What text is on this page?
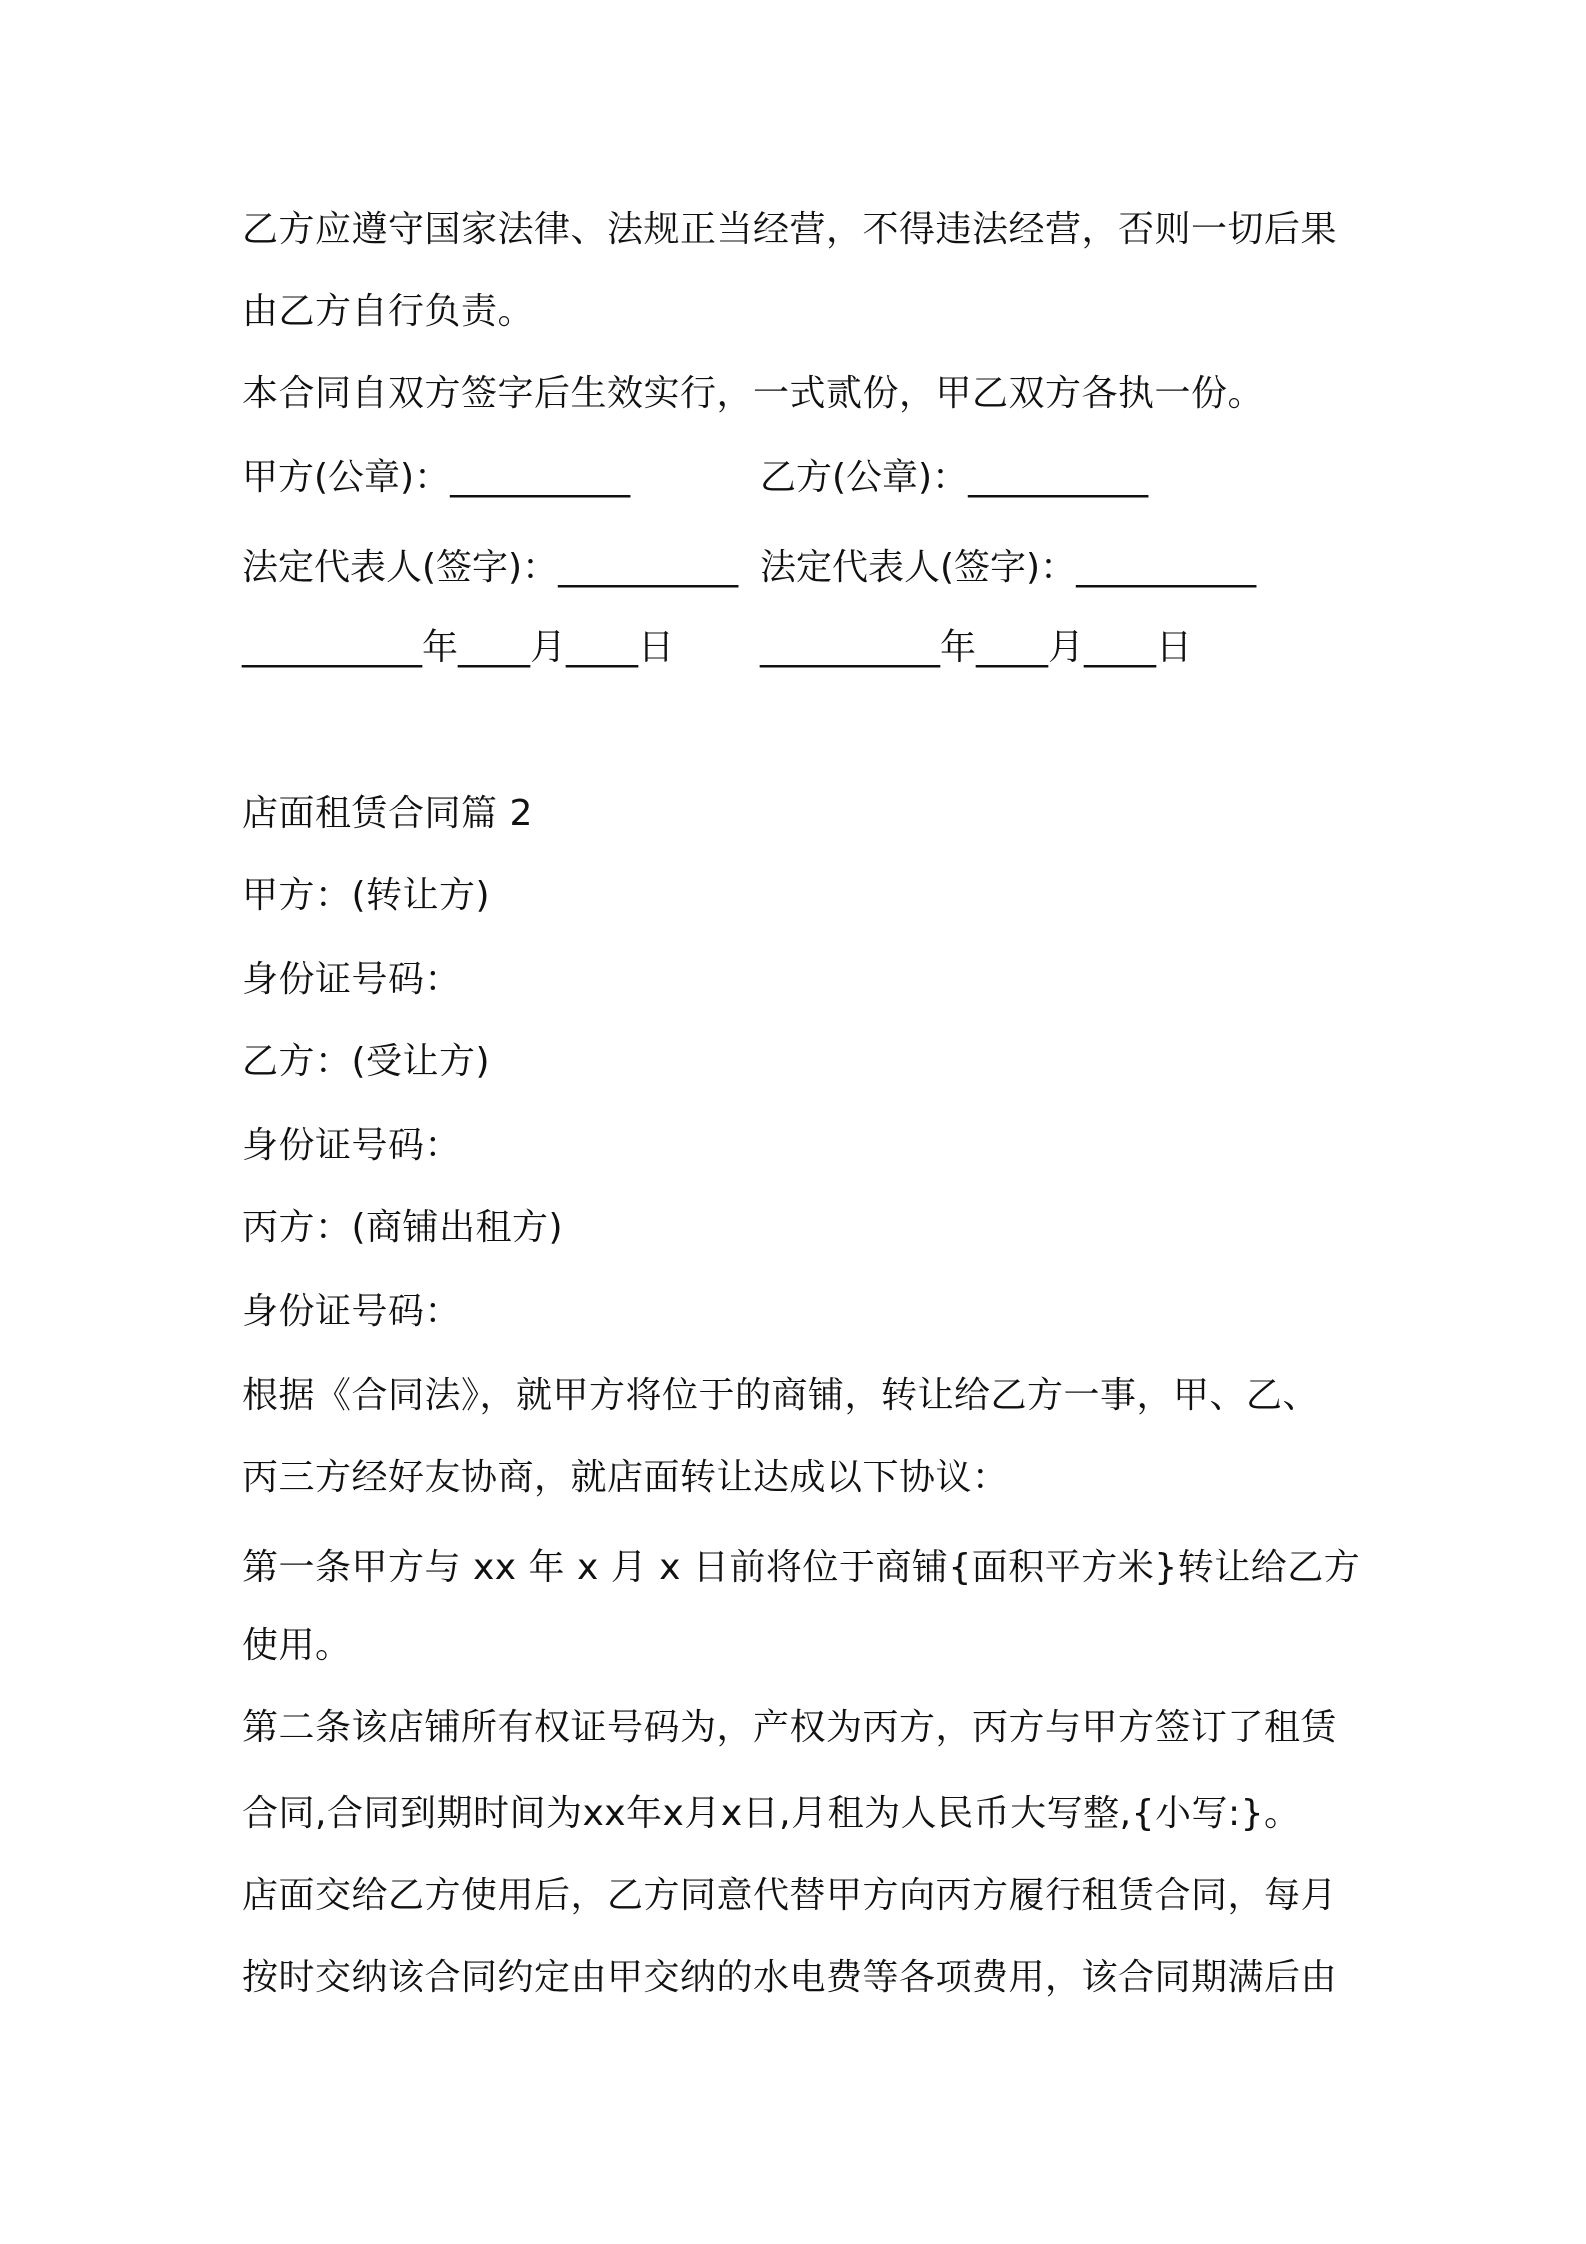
乙方应遵守国家法律、法规正当经营，不得违法经营，否则一切后果
由乙方自行负责。
本合同自双方签字后生效实行，一式贰份，甲乙双方各执一份。
甲方(公章)：__________	乙方(公章)：__________
法定代表人(签字)：__________ 法定代表人(签字)：__________
__________年____月____日 __________年____月____日
店面租赁合同篇 2
甲方：(转让方)
身份证号码：
乙方：(受让方)
身份证号码：
丙方：(商铺出租方)
身份证号码：
根据《合同法》，就甲方将位于的商铺，转让给乙方一事，甲、乙、
丙三方经好友协商，就店面转让达成以下协议：
第一条甲方与 xx 年 x 月 x 日前将位于商铺{面积平方米}转让给乙方
使用。
第二条该店铺所有权证号码为，产权为丙方，丙方与甲方签订了租赁
合同,合同到期时间为xx年x月x日,月租为人民币大写整,{小写:}。
店面交给乙方使用后，乙方同意代替甲方向丙方履行租赁合同，每月
按时交纳该合同约定由甲交纳的水电费等各项费用，该合同期满后由
